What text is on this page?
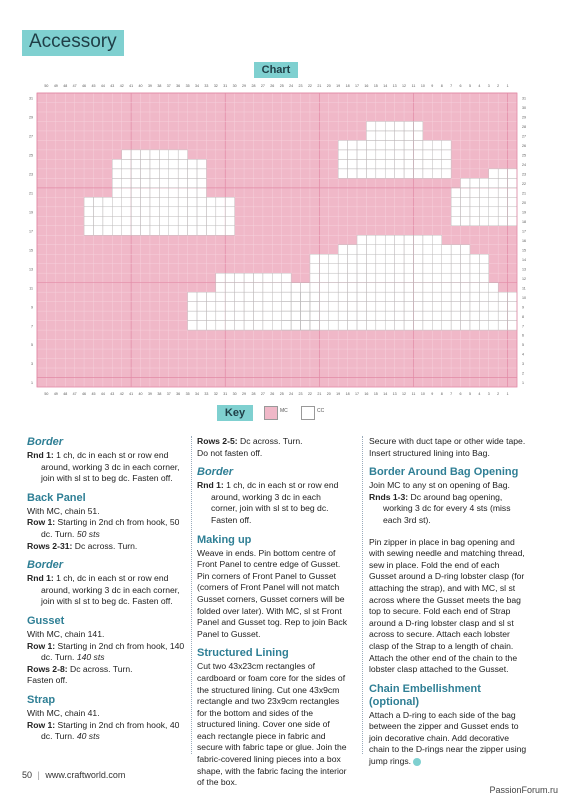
Accessory
Chart
50
50
49
49
48
48
47
47
46
46
45
45
44
44
43
43
42
42
41
41
40
40
39
39
38
38
37
37
36
36
35
35
34
34
33
33
32
32
31
31
30
30
29
29
28
28
27
27
26
26
25
25
24
24
23
23
22
22
21
21
20
20
19
19
18
18
17
17
16
16
15
15
14
14
13
13
12
12
11
11
10
10
9
9
8
8
7
7
6
6
5
5
4
4
3
3
2
2
1
1
31
29
27
25
23
21
19
17
15
13
11
9
7
5
3
1
31
30
29
28
27
26
25
24
23
22
21
20
19
18
17
16
15
14
13
12
11
10
9
8
7
6
5
4
3
2
1
Key	MC	CC

Border

Rnd 1: 1 ch, dc in each st or row end around, working 3 dc in each corner, join with sl st to beg dc. Fasten off.

Back Panel

With MC, chain 51.

Row 1: Starting in 2nd ch from hook, 50 dc. Turn. 50 sts

Rows 2-31: Dc across. Turn.

Border

Rnd 1: 1 ch, dc in each st or row end around, working 3 dc in each corner, join with sl st to beg dc. Fasten off.

Gusset

With MC, chain 141.

Row 1: Starting in 2nd ch from hook, 140 dc. Turn. 140 sts

Rows 2-8: Dc across. Turn.

Fasten off.

Strap

With MC, chain 41.

Row 1: Starting in 2nd ch from hook, 40 dc. Turn. 40 sts

Rows 2-5: Dc across. Turn.

Do not fasten off.

Border

Rnd 1: 1 ch, dc in each st or row end around, working 3 dc in each corner, join with sl st to beg dc. Fasten off.

Making up

Weave in ends. Pin bottom centre of Front Panel to centre edge of Gusset. Pin corners of Front Panel to Gusset (corners of Front Panel will not match Gusset corners, Gusset corners will be folded over later). With MC, sl st Front Panel and Gusset tog. Rep to join Back Panel to Gusset.

Structured Lining

Cut two 43x23cm rectangles of cardboard or foam core for the sides of the structured lining. Cut one 43x9cm rectangle and two 23x9cm rectangles for the bottom and sides of the structured lining. Cover one side of each rectangle piece in fabric and secure with fabric tape or glue. Join the fabric-covered lining pieces into a box shape, with the fabric facing the interior of the box.

Secure with duct tape or other wide tape. Insert structured lining into Bag.

Border Around Bag Opening

Join MC to any st on opening of Bag.

Rnds 1-3: Dc around bag opening, working 3 dc for every 4 sts (miss each 3rd st).

Pin zipper in place in bag opening and with sewing needle and matching thread, sew in place. Fold the end of each Gusset around a D-ring lobster clasp (for attaching the strap), and with MC, sl st across where the Gusset meets the bag top to secure. Fold each end of Strap around a D-ring lobster clasp and sl st across to secure. Attach each lobster clasp of the Strap to a length of chain. Attach the other end of the chain to the lobster clasp attached to the Gusset.

Chain Embellishment (optional)

Attach a D-ring to each side of the bag between the zipper and Gusset ends to join decorative chain. Add decorative chain to the D-rings near the zipper using jump rings.

50 | www.craftworld.com
PassionForum.ru
